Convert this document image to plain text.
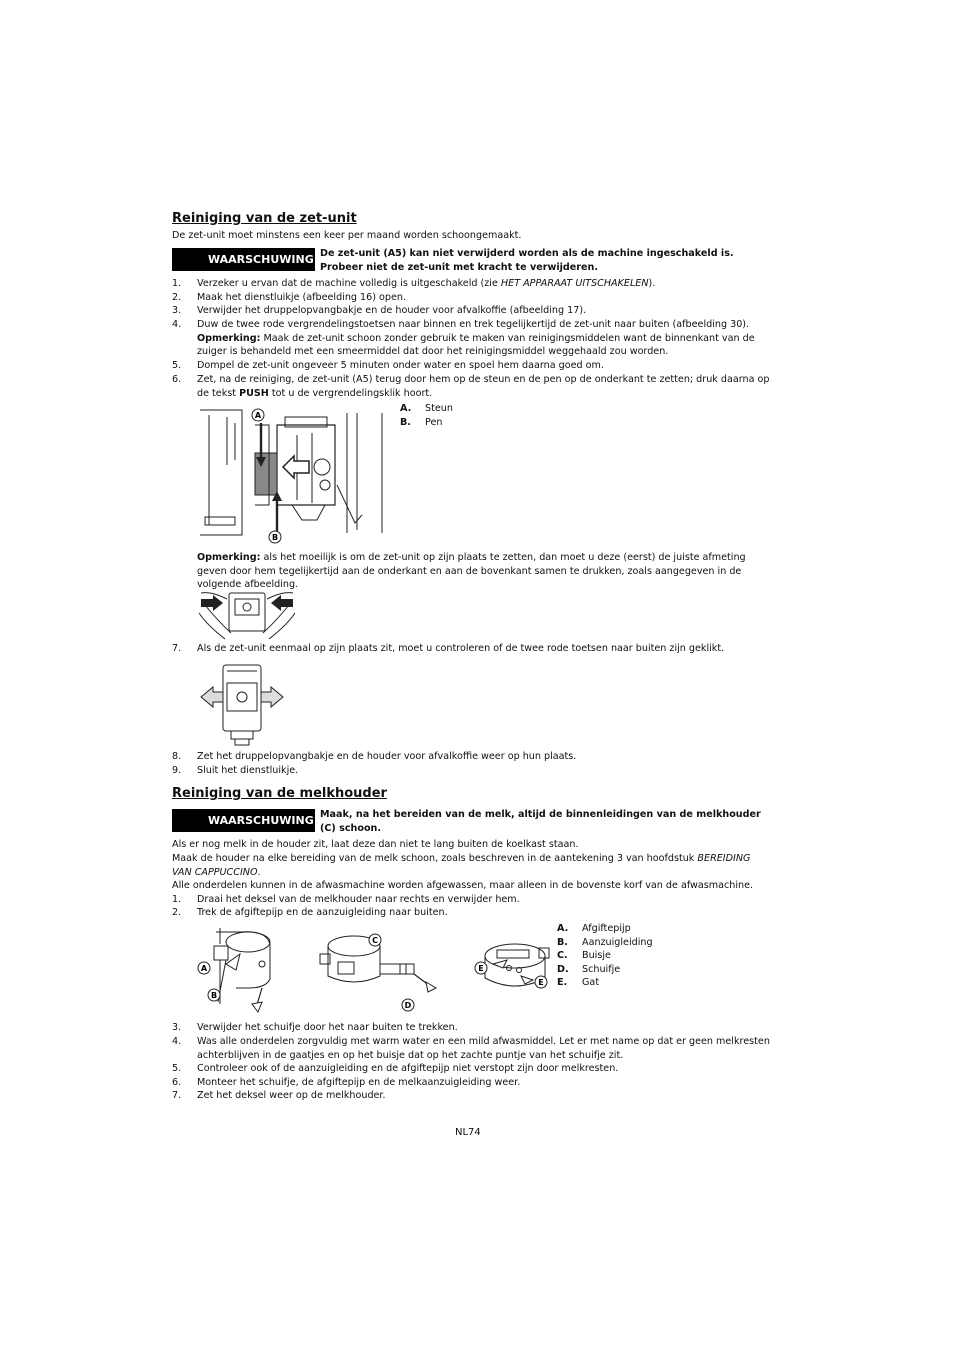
Reiniging van de zet-unit
De zet-unit moet minstens een keer per maand worden schoongemaakt.
WAARSCHUWING De zet-unit (A5) kan niet verwijderd worden als de machine ingeschakeld is. Probeer niet de zet-unit met kracht te verwijderen.
1. Verzeker u ervan dat de machine volledig is uitgeschakeld (zie HET APPARAAT UITSCHAKELEN).
2. Maak het dienstluikje (afbeelding 16) open.
3. Verwijder het druppelopvangbakje en de houder voor afvalkoffie (afbeelding 17).
4. Duw de twee rode vergrendelingstoetsen naar binnen en trek tegelijkertijd de zet-unit naar buiten (afbeelding 30).
Opmerking: Maak de zet-unit schoon zonder gebruik te maken van reinigingsmiddelen want de binnenkant van de zuiger is behandeld met een smeermiddel dat door het reinigingsmiddel weggehaald zou worden.
5. Dompel de zet-unit ongeveer 5 minuten onder water en spoel hem daarna goed om.
6. Zet, na de reiniging, de zet-unit (A5) terug door hem op de steun en de pen op de onderkant te zetten; druk daarna op de tekst PUSH tot u de vergrendelingsklik hoort.
A
B
A. Steun
B. Pen
Opmerking: als het moeilijk is om de zet-unit op zijn plaats te zetten, dan moet u deze (eerst) de juiste afmeting geven door hem tegelijkertijd aan de onderkant en aan de bovenkant samen te drukken, zoals aangegeven in de volgende afbeelding.
7. Als de zet-unit eenmaal op zijn plaats zit, moet u controleren of de twee rode toetsen naar buiten zijn geklikt.
8. Zet het druppelopvangbakje en de houder voor afvalkoffie weer op hun plaats.
9. Sluit het dienstluikje.
Reiniging van de melkhouder
WAARSCHUWING Maak, na het bereiden van de melk, altijd de binnenleidingen van de melkhouder (C) schoon.
Als er nog melk in de houder zit, laat deze dan niet te lang buiten de koelkast staan.
Maak de houder na elke bereiding van de melk schoon, zoals beschreven in de aantekening 3 van hoofdstuk BEREIDING VAN CAPPUCCINO.
Alle onderdelen kunnen in de afwasmachine worden afgewassen, maar alleen in de bovenste korf van de afwasmachine.
1. Draai het deksel van de melkhouder naar rechts en verwijder hem.
2. Trek de afgiftepijp en de aanzuigleiding naar buiten.
A
B
C
D
E
E
A. Afgiftepijp
B. Aanzuigleiding
C. Buisje
D. Schuifje
E. Gat
3. Verwijder het schuifje door het naar buiten te trekken.
4. Was alle onderdelen zorgvuldig met warm water en een mild afwasmiddel. Let er met name op dat er geen melkresten achterblijven in de gaatjes en op het buisje dat op het zachte puntje van het schuifje zit.
5. Controleer ook of de aanzuigleiding en de afgiftepijp niet verstopt zijn door melkresten.
6. Monteer het schuifje, de afgiftepijp en de melkaanzuigleiding weer.
7. Zet het deksel weer op de melkhouder.
NL74
